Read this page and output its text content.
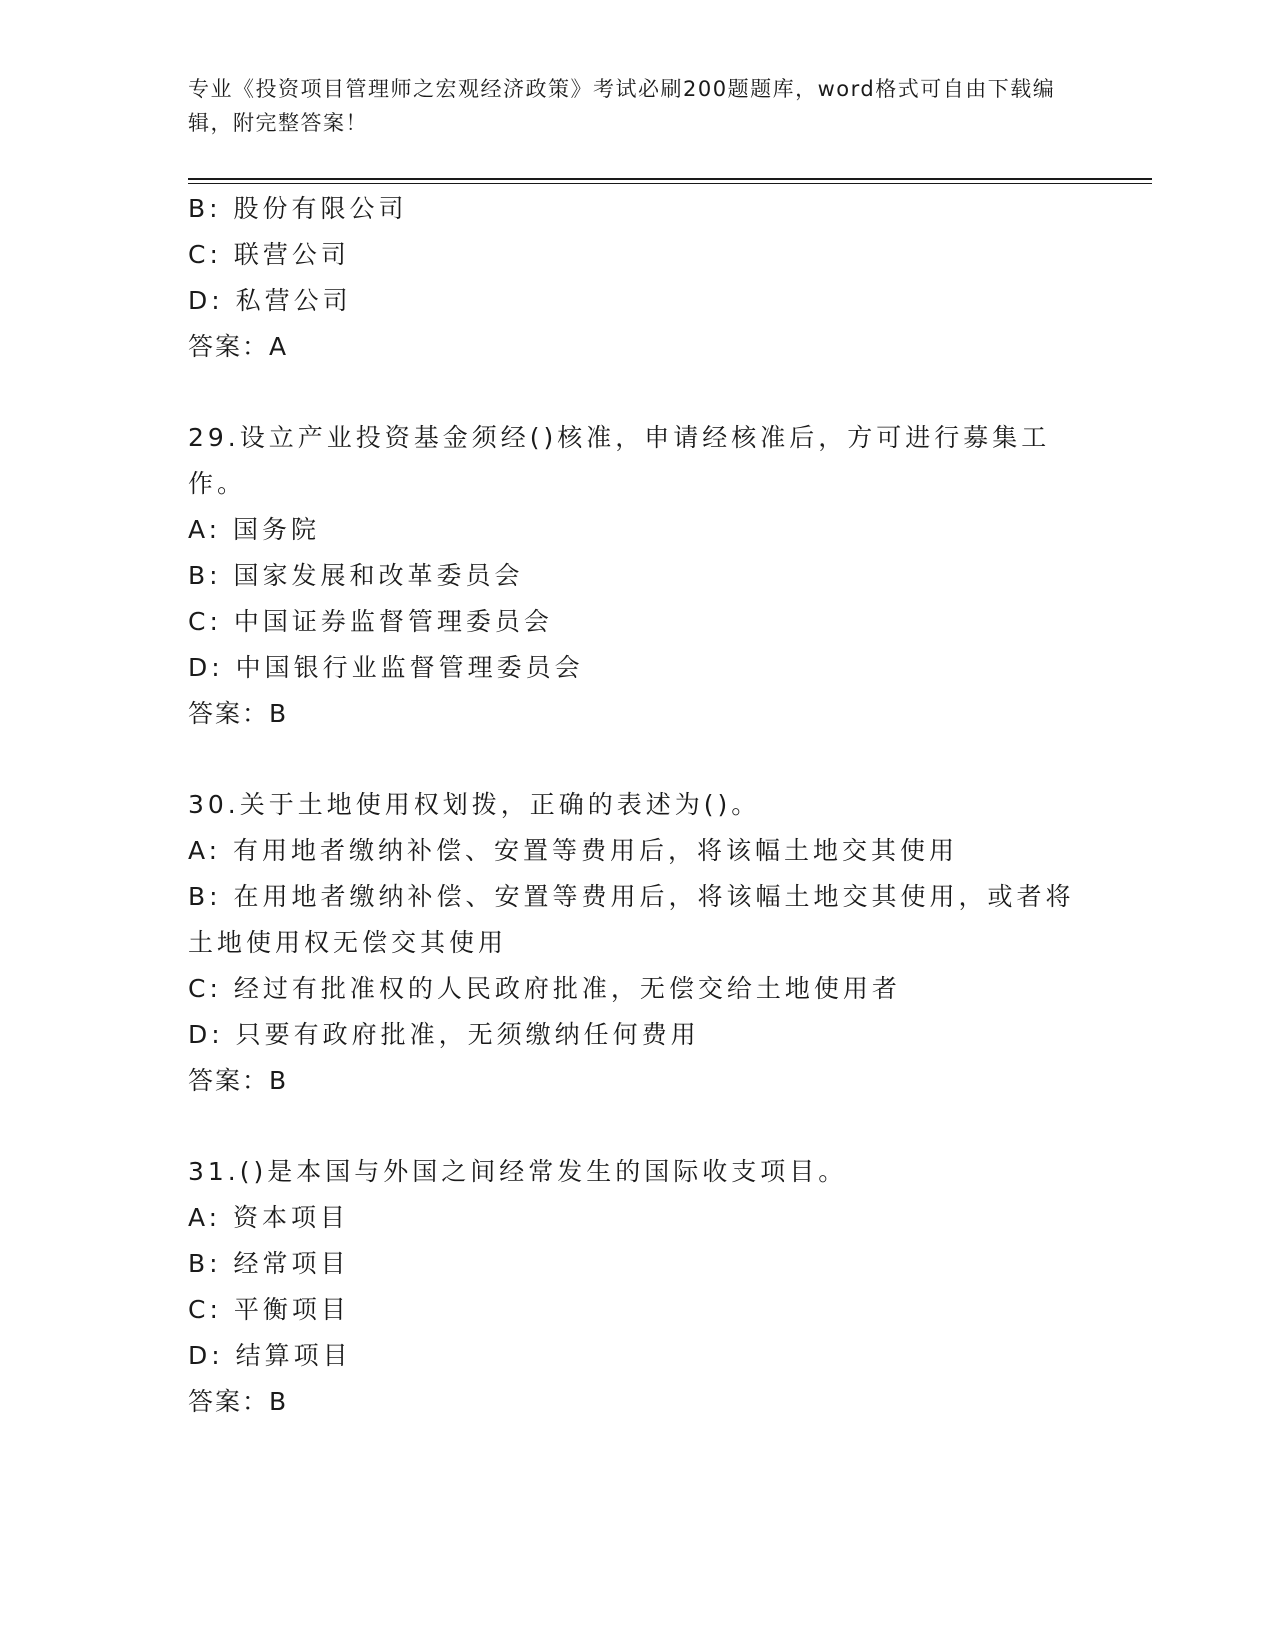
专业《投资项目管理师之宏观经济政策》考试必刷200题题库，word格式可自由下载编辑，附完整答案！

B: 股份有限公司

C: 联营公司

D: 私营公司

答案：A

29.设立产业投资基金须经()核准，申请经核准后，方可进行募集工作。

A: 国务院

B: 国家发展和改革委员会

C: 中国证券监督管理委员会

D: 中国银行业监督管理委员会

答案：B

30.关于土地使用权划拨，正确的表述为()。

A: 有用地者缴纳补偿、安置等费用后，将该幅土地交其使用

B: 在用地者缴纳补偿、安置等费用后，将该幅土地交其使用，或者将土地使用权无偿交其使用

C: 经过有批准权的人民政府批准，无偿交给土地使用者

D: 只要有政府批准，无须缴纳任何费用

答案：B

31.()是本国与外国之间经常发生的国际收支项目。

A: 资本项目

B: 经常项目

C: 平衡项目

D: 结算项目

答案：B
